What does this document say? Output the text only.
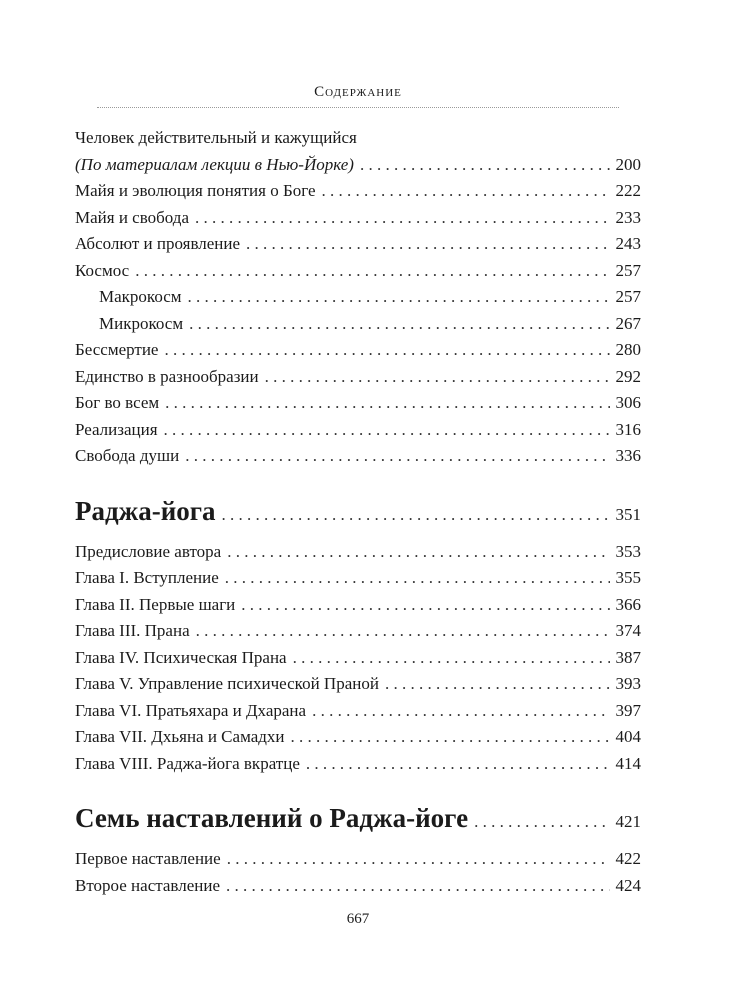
Содержание
Человек действительный и кажущийся
(По материалам лекции в Нью-Йорке) . . .	200
Майя и эволюция понятия о Боге . . .	222
Майя и свобода . . .	233
Абсолют и проявление . . .	243
Космос . . .	257
Макрокосм . . .	257
Микрокосм . . .	267
Бессмертие . . .	280
Единство в разнообразии . . .	292
Бог во всем . . .	306
Реализация . . .	316
Свобода души . . .	336
Раджа-йога . . .	351
Предисловие автора . . .	353
Глава I. Вступление . . .	355
Глава II. Первые шаги . . .	366
Глава III. Прана . . .	374
Глава IV. Психическая Прана . . .	387
Глава V. Управление психической Праной . . .	393
Глава VI. Пратьяхара и Дхарана . . .	397
Глава VII. Дхьяна и Самадхи . . .	404
Глава VIII. Раджа-йога вкратце . . .	414
Семь наставлений о Раджа-йоге . . .	421
Первое наставление . . .	422
Второе наставление . . .	424
667
